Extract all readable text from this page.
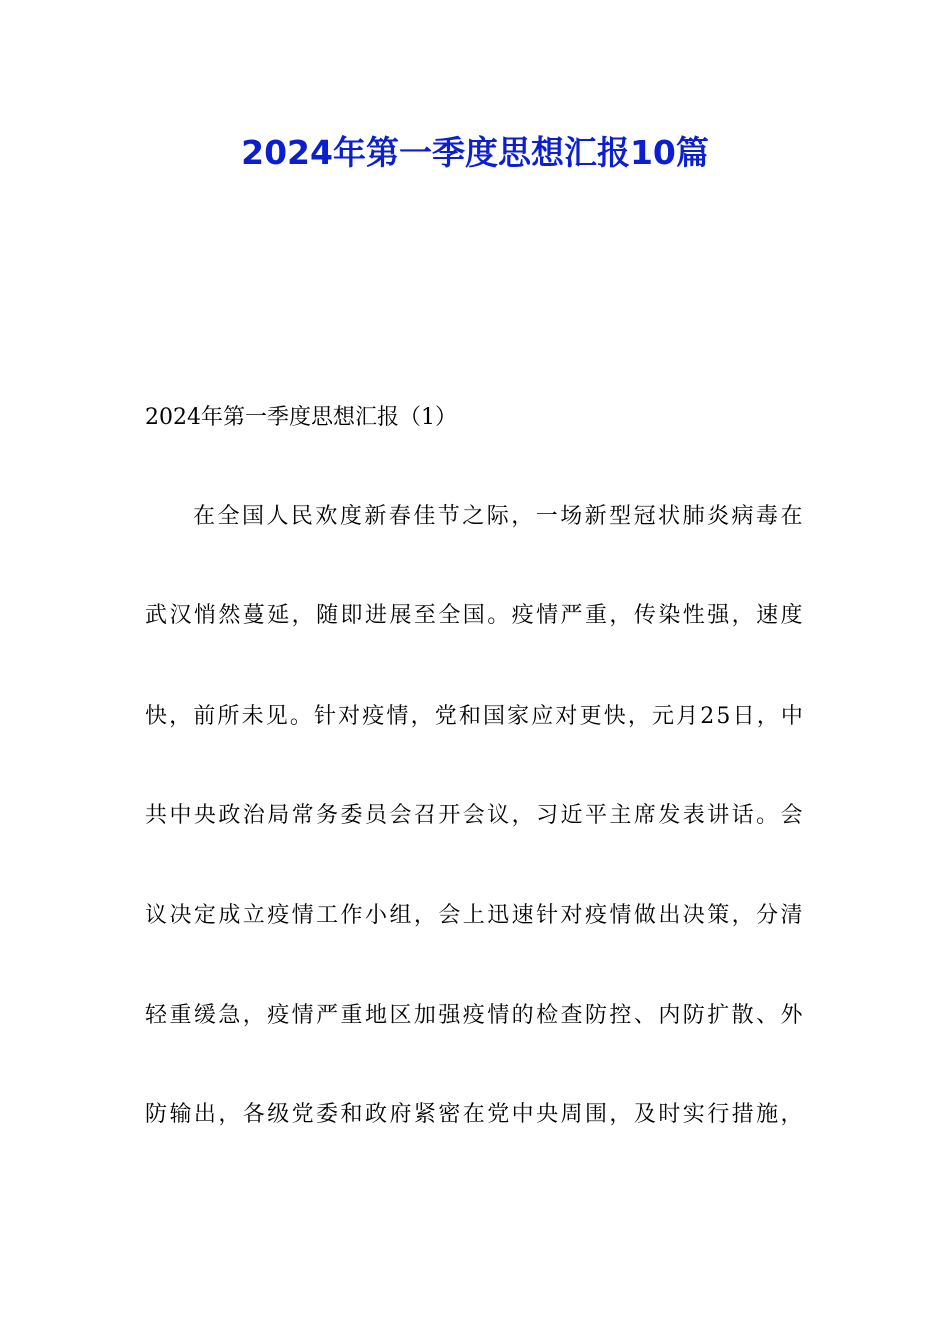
2024年第一季度思想汇报10篇

2024年第一季度思想汇报（1）

在全国人民欢度新春佳节之际，一场新型冠状肺炎病毒在

武汉悄然蔓延，随即进展至全国。疫情严重，传染性强，速度

快，前所未见。针对疫情，党和国家应对更快，元月25日，中

共中央政治局常务委员会召开会议，习近平主席发表讲话。会

议决定成立疫情工作小组，会上迅速针对疫情做出决策，分清

轻重缓急，疫情严重地区加强疫情的检查防控、内防扩散、外

防输出，各级党委和政府紧密在党中央周围，及时实行措施，
